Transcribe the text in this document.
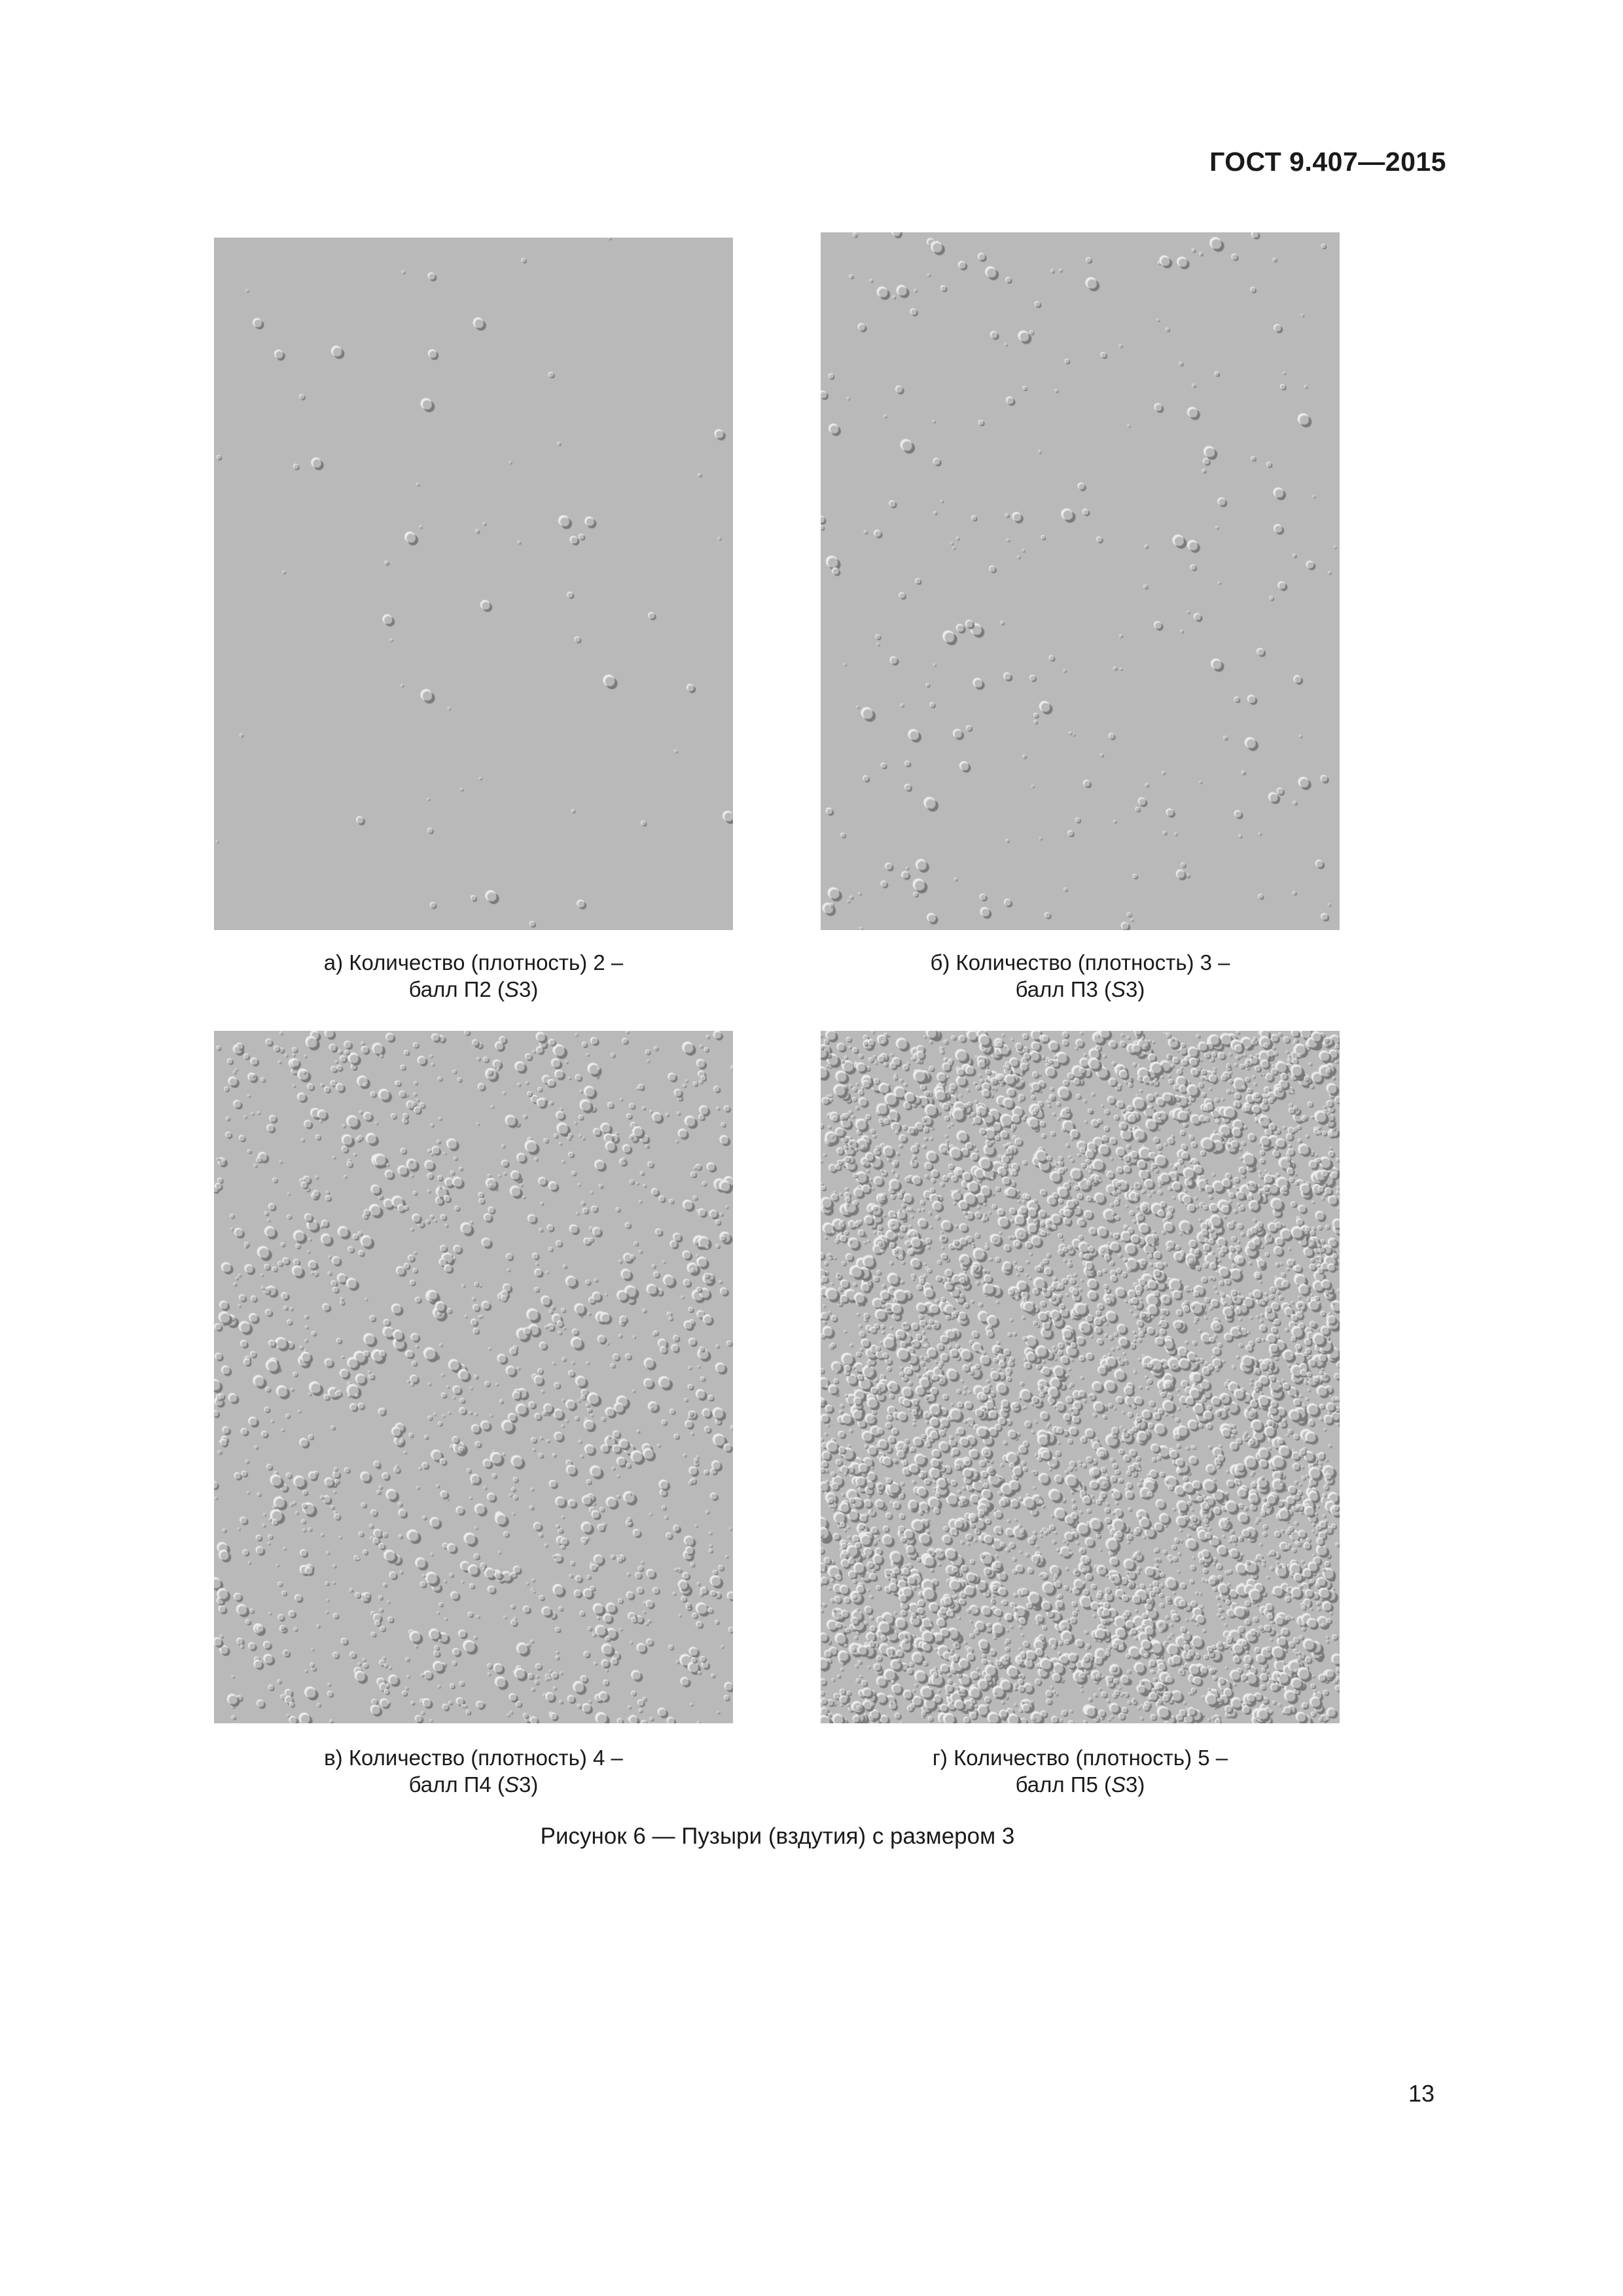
ГОСТ 9.407—2015
а) Количество (плотность) 2 –
балл П2 (S3)
б) Количество (плотность) 3 –
балл П3 (S3)
в) Количество (плотность) 4 –
балл П4 (S3)
г) Количество (плотность) 5 –
балл П5 (S3)
Рисунок 6 — Пузыри (вздутия) с размером 3
13
